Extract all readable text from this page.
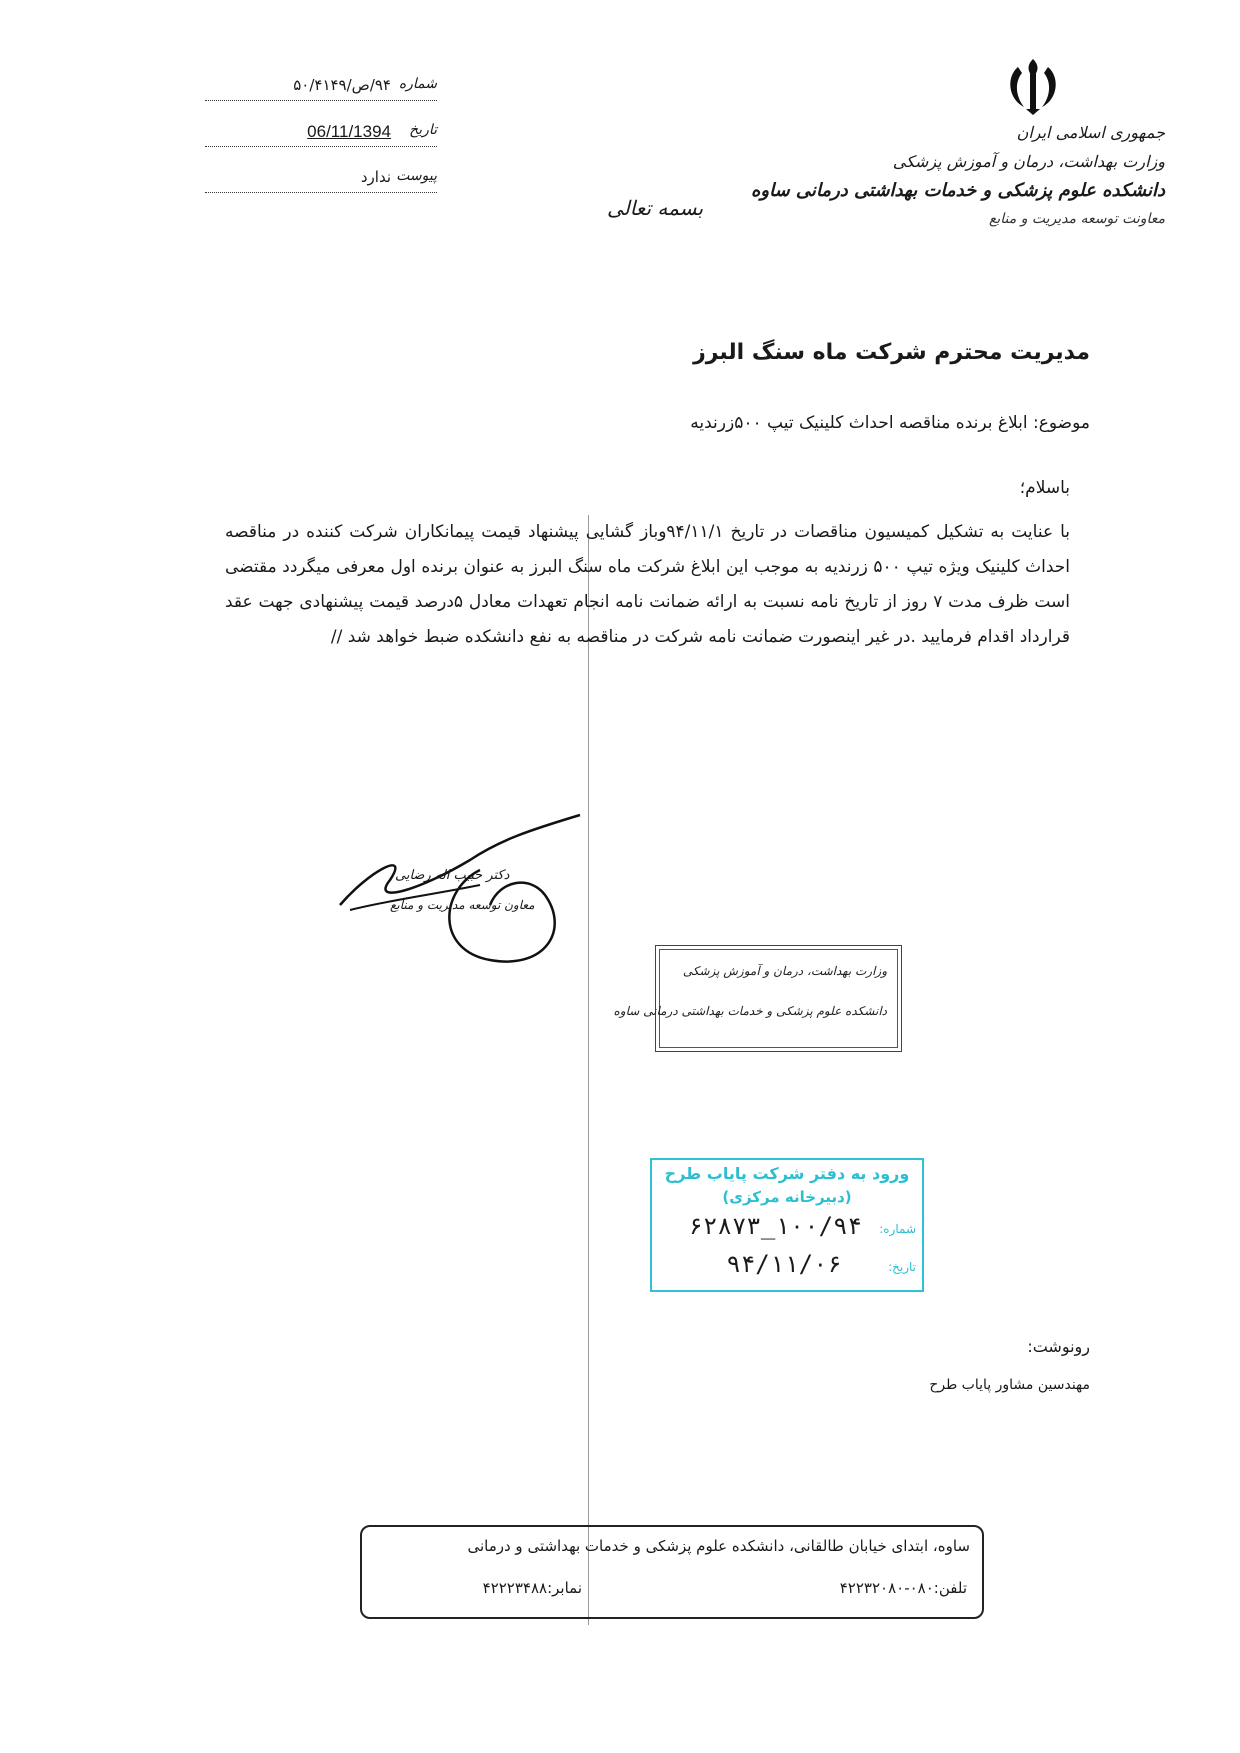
جمهوری اسلامی ایران
وزارت بهداشت، درمان و آموزش پزشکی
دانشکده علوم پزشکی و خدمات بهداشتی درمانی ساوه
معاونت توسعه مدیریت و منابع
بسمه تعالی
شماره
۹۴/ص/۵۰/۴۱۴۹
تاریخ
06/11/1394
پیوست
ندارد
مدیریت محترم شرکت ماه سنگ البرز
موضوع: ابلاغ برنده مناقصه احداث کلینیک تیپ ۵۰۰زرندیه
باسلام؛
با عنایت به تشکیل کمیسیون مناقصات در تاریخ ۹۴/۱۱/۱وباز گشایی پیشنهاد قیمت پیمانکاران شرکت کننده در مناقصه احداث کلینیک ویژه تیپ ۵۰۰ زرندیه به موجب این ابلاغ شرکت ماه سنگ البرز به عنوان برنده اول معرفی میگردد مقتضی است ظرف مدت ۷ روز از تاریخ نامه نسبت به ارائه ضمانت نامه انجام تعهدات معادل ۵درصد قیمت پیشنهادی جهت عقد قرارداد اقدام فرمایید .در غیر اینصورت ضمانت نامه شرکت در مناقصه به نفع دانشکده ضبط خواهد شد //
دکتر حبیب اله رضایی
معاون توسعه مدیریت و منابع
وزارت بهداشت، درمان و آموزش پزشکی
دانشکده علوم پزشکی و خدمات بهداشتی درمانی ساوه
ورود به دفتر شرکت پایاب طرح
(دبیرخانه مرکزی)
شماره:
۱۰۰/۹۴_۶۲۸۷۳
تاریخ:
۹۴/۱۱/۰۶
رونوشت:
مهندسین مشاور پایاب طرح
ساوه، ابتدای خیابان طالقانی، دانشکده علوم پزشکی و خدمات بهداشتی و درمانی
تلفن:۰۸۰-۴۲۲۳۲۰۸۰
نمابر:۴۲۲۲۳۴۸۸
